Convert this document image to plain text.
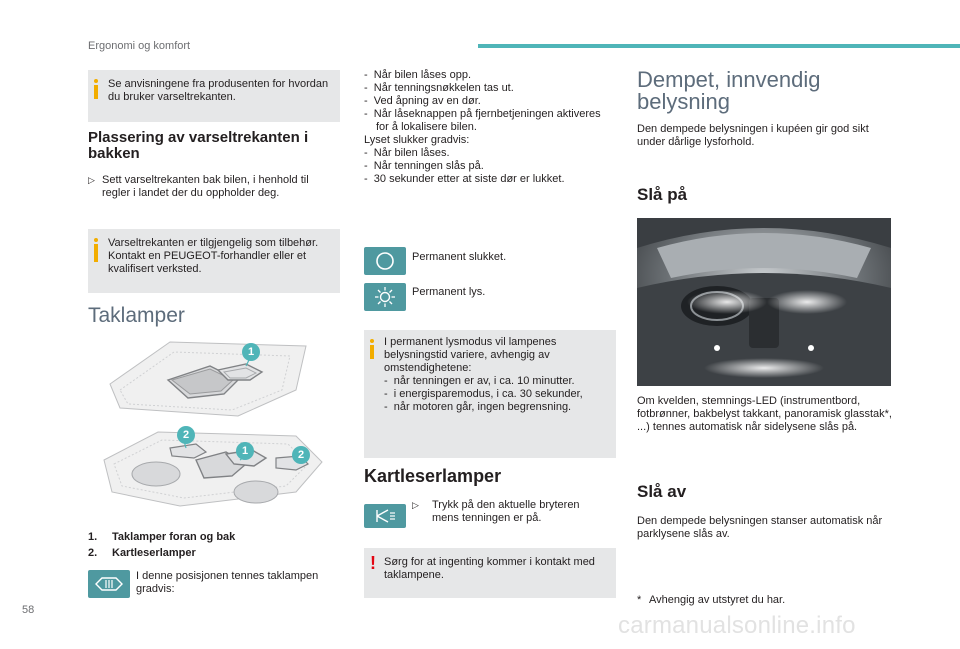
Ergonomi og komfort
58
carmanualsonline.info
Se anvisningene fra produsenten for hvordan du bruker varseltrekanten.
Plassering av varseltrekanten i bakken
▷ Sett varseltrekanten bak bilen, i henhold til regler i landet der du oppholder deg.
Varseltrekanten er tilgjengelig som tilbehør. Kontakt en PEUGEOT-forhandler eller et kvalifisert verksted.
Taklamper
1
2
1	2
1. Taklamper foran og bak
2. Kartleserlamper
I denne posisjonen tennes taklampen gradvis:
-  Når bilen låses opp.
-  Når tenningsnøkkelen tas ut.
-  Ved åpning av en dør.
-  Når låseknappen på fjernbetjeningen aktiveres for å lokalisere bilen.
Lyset slukker gradvis:
-  Når bilen låses.
-  Når tenningen slås på.
-  30 sekunder etter at siste dør er lukket.
Permanent slukket.
Permanent lys.
I permanent lysmodus vil lampenes belysningstid variere, avhengig av omstendighetene:
-  når tenningen er av, i ca. 10 minutter.
-  i energisparemodus, i ca. 30 sekunder,
-  når motoren går, ingen begrensning.
Kartleserlamper
▷	Trykk på den aktuelle bryteren mens tenningen er på.
! Sørg for at ingenting kommer i kontakt med taklampene.
Dempet, innvendig
belysning
Den dempede belysningen i kupéen gir god sikt under dårlige lysforhold.
Slå på
Om kvelden, stemnings-LED (instrumentbord, fotbrønner, bakbelyst takkant, panoramisk glasstak*, ...) tennes automatisk når sidelysene slås på.
Slå av
Den dempede belysningen stanser automatisk når parklysene slås av.
* Avhengig av utstyret du har.
